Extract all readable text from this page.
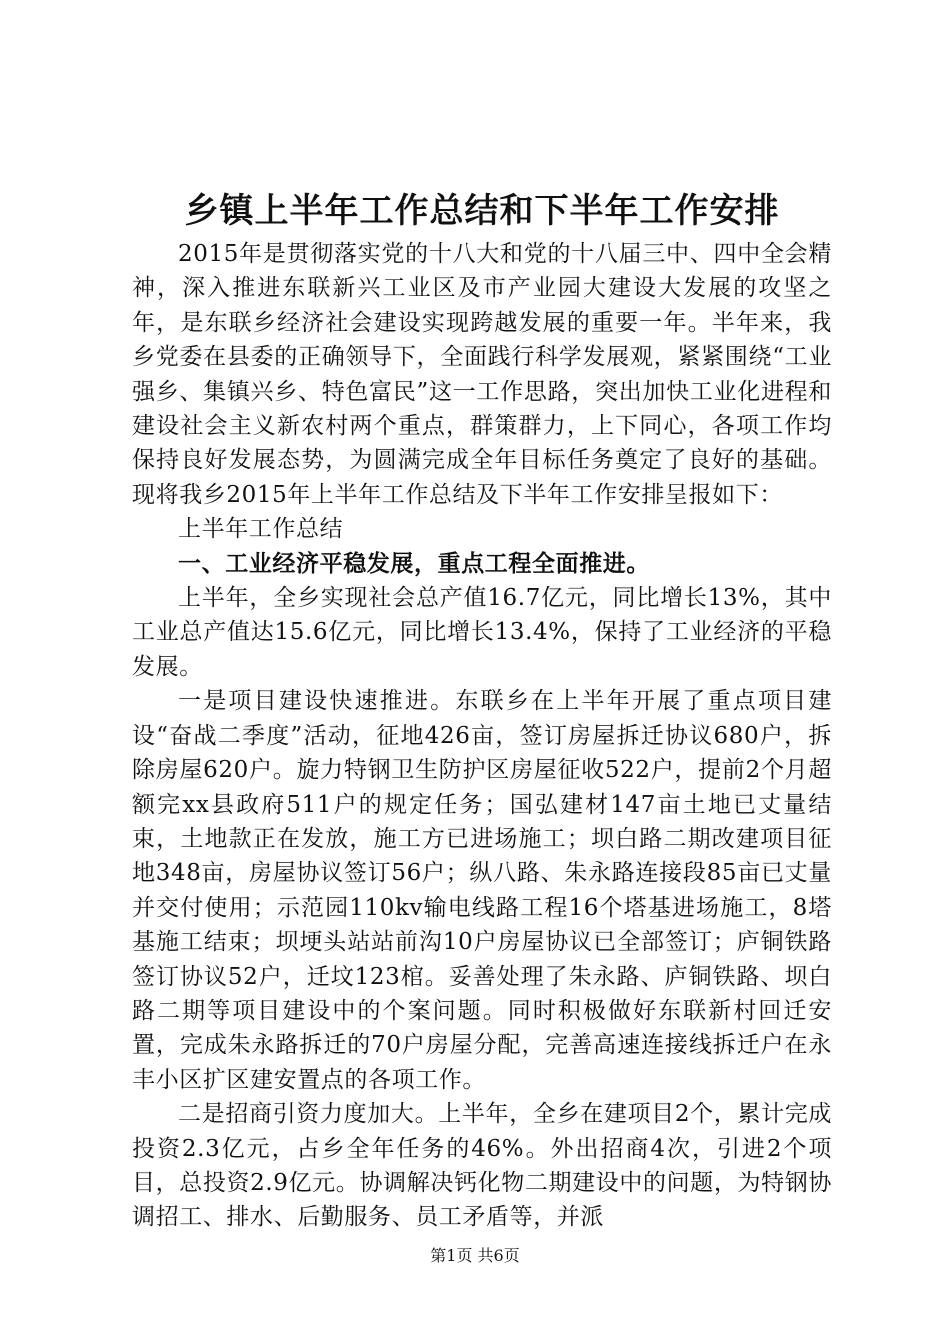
乡镇上半年工作总结和下半年工作安排

2015年是贯彻落实党的十八大和党的十八届三中、四中全会精神，深入推进东联新兴工业区及市产业园大建设大发展的攻坚之年，是东联乡经济社会建设实现跨越发展的重要一年。半年来，我乡党委在县委的正确领导下，全面践行科学发展观，紧紧围绕“工业强乡、集镇兴乡、特色富民”这一工作思路，突出加快工业化进程和建设社会主义新农村两个重点，群策群力，上下同心，各项工作均保持良好发展态势，为圆满完成全年目标任务奠定了良好的基础。现将我乡2015年上半年工作总结及下半年工作安排呈报如下：

上半年工作总结

一、工业经济平稳发展，重点工程全面推进。

上半年，全乡实现社会总产值16.7亿元，同比增长13%，其中工业总产值达15.6亿元，同比增长13.4%，保持了工业经济的平稳发展。

一是项目建设快速推进。东联乡在上半年开展了重点项目建设“奋战二季度”活动，征地426亩，签订房屋拆迁协议680户，拆除房屋620户。旋力特钢卫生防护区房屋征收522户，提前2个月超额完xx县政府511户的规定任务；国弘建材147亩土地已丈量结束，土地款正在发放，施工方已进场施工；坝白路二期改建项目征地348亩，房屋协议签订56户；纵八路、朱永路连接段85亩已丈量并交付使用；示范园110kv输电线路工程16个塔基进场施工，8塔基施工结束；坝埂头站站前沟10户房屋协议已全部签订；庐铜铁路签订协议52户，迁坟123棺。妥善处理了朱永路、庐铜铁路、坝白路二期等项目建设中的个案问题。同时积极做好东联新村回迁安置，完成朱永路拆迁的70户房屋分配，完善高速连接线拆迁户在永丰小区扩区建安置点的各项工作。

二是招商引资力度加大。上半年，全乡在建项目2个，累计完成投资2.3亿元，占乡全年任务的46%。外出招商4次，引进2个项目，总投资2.9亿元。协调解决钙化物二期建设中的问题，为特钢协调招工、排水、后勤服务、员工矛盾等，并派

第1页 共6页
